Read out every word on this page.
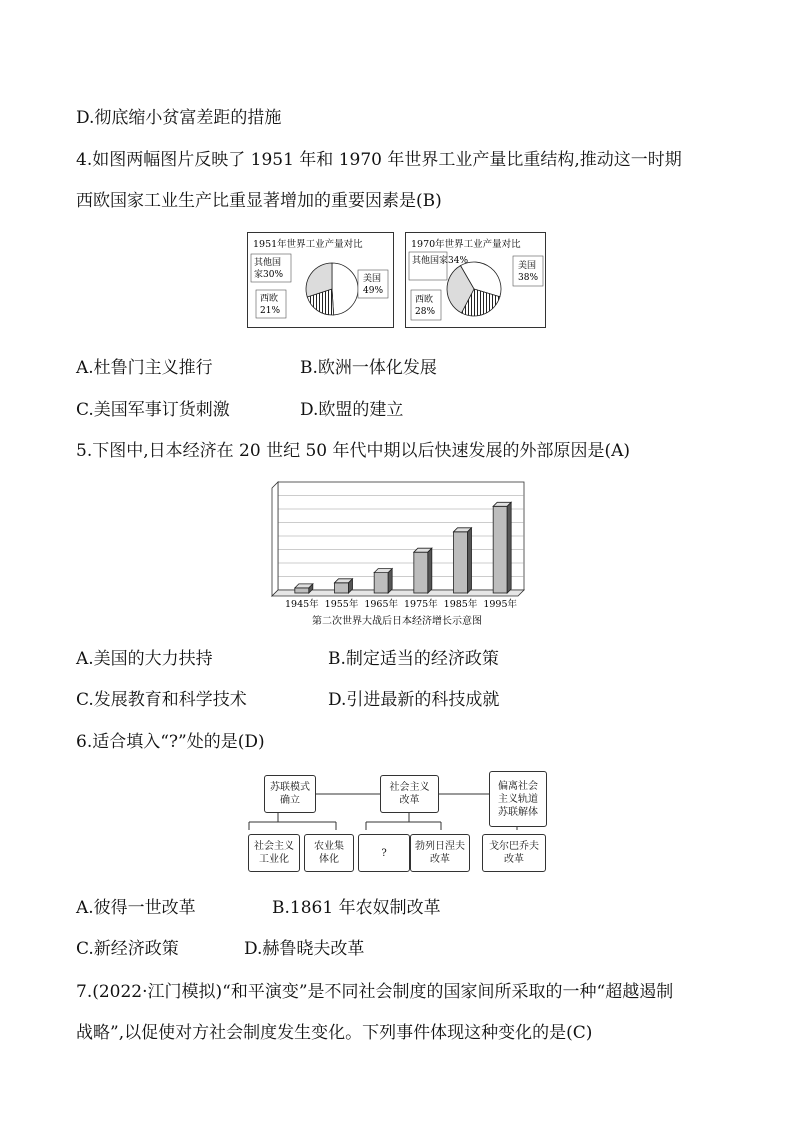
D.彻底缩小贫富差距的措施
4.如图两幅图片反映了 1951 年和 1970 年世界工业产量比重结构,推动这一时期
西欧国家工业生产比重显著增加的重要因素是(B)
1951年世界工业产量对比
其他国家30%
西欧 21%
美国 49%
1970年世界工业产量对比
其他国家34%
西欧 28%
美国 38%
A.杜鲁门主义推行	B.欧洲一体化发展
C.美国军事订货刺激	D.欧盟的建立
5.下图中,日本经济在 20 世纪 50 年代中期以后快速发展的外部原因是(A)
1945年 1955年 1965年 1975年 1985年 1995年
第二次世界大战后日本经济增长示意图
A.美国的大力扶持	B.制定适当的经济政策
C.发展教育和科学技术	D.引进最新的科技成就
6.适合填入“?”处的是(D)
苏联模式
确立
社会主义
改革
偏离社会
主义轨道
苏联解体
社会主义
工业化
农业集
体化
?
勃列日涅夫
改革
戈尔巴乔夫
改革
A.彼得一世改革	B.1861 年农奴制改革
C.新经济政策	D.赫鲁晓夫改革
7.(2022·江门模拟)“和平演变”是不同社会制度的国家间所采取的一种“超越遏制
战略”,以促使对方社会制度发生变化。下列事件体现这种变化的是(C)
